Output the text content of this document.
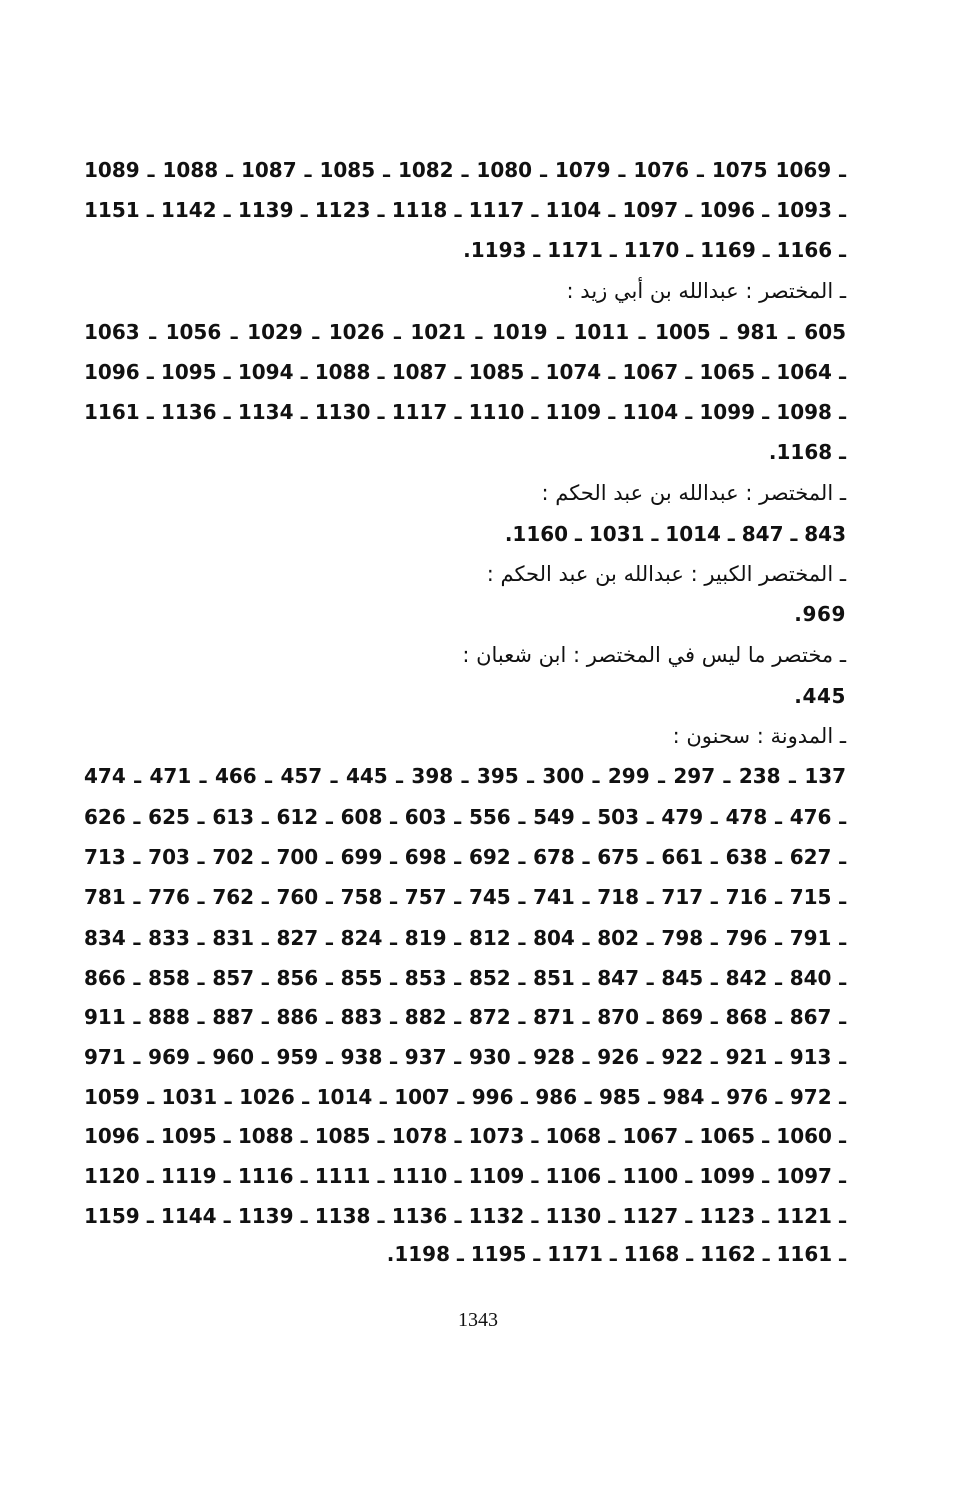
ـ 1069 1075 ـ 1076 ـ 1079 ـ 1080 ـ 1082 ـ 1085 ـ 1087 ـ 1088 ـ 1089
ـ 1093 ـ 1096 ـ 1097 ـ 1104 ـ 1117 ـ 1118 ـ 1123 ـ 1139 ـ 1142 ـ 1151
ـ 1166 ـ 1169 ـ 1170 ـ 1171 ـ 1193.
ـ المختصر : عبدالله بن أبي زيد :
605 ـ 981 ـ 1005 ـ 1011 ـ 1019 ـ 1021 ـ 1026 ـ 1029 ـ 1056 ـ 1063
ـ 1064 ـ 1065 ـ 1067 ـ 1074 ـ 1085 ـ 1087 ـ 1088 ـ 1094 ـ 1095 ـ 1096
ـ 1098 ـ 1099 ـ 1104 ـ 1109 ـ 1110 ـ 1117 ـ 1130 ـ 1134 ـ 1136 ـ 1161
ـ 1168.
ـ المختصر : عبدالله بن عبد الحكم :
843 ـ 847 ـ 1014 ـ 1031 ـ 1160.
ـ المختصر الكبير : عبدالله بن عبد الحكم :
969.
ـ مختصر ما ليس في المختصر : ابن شعبان :
445.
ـ المدونة : سحنون :
137 ـ 238 ـ 297 ـ 299 ـ 300 ـ 395 ـ 398 ـ 445 ـ 457 ـ 466 ـ 471 ـ 474
ـ 476 ـ 478 ـ 479 ـ 503 ـ 549 ـ 556 ـ 603 ـ 608 ـ 612 ـ 613 ـ 625 ـ 626
ـ 627 ـ 638 ـ 661 ـ 675 ـ 678 ـ 692 ـ 698 ـ 699 ـ 700 ـ 702 ـ 703 ـ 713
ـ 715 ـ 716 ـ 717 ـ 718 ـ 741 ـ 745 ـ 757 ـ 758 ـ 760 ـ 762 ـ 776 ـ 781
ـ 791 ـ 796 ـ 798 ـ 802 ـ 804 ـ 812 ـ 819 ـ 824 ـ 827 ـ 831 ـ 833 ـ 834
ـ 840 ـ 842 ـ 845 ـ 847 ـ 851 ـ 852 ـ 853 ـ 855 ـ 856 ـ 857 ـ 858 ـ 866
ـ 867 ـ 868 ـ 869 ـ 870 ـ 871 ـ 872 ـ 882 ـ 883 ـ 886 ـ 887 ـ 888 ـ 911
ـ 913 ـ 921 ـ 922 ـ 926 ـ 928 ـ 930 ـ 937 ـ 938 ـ 959 ـ 960 ـ 969 ـ 971
ـ 972 ـ 976 ـ 984 ـ 985 ـ 986 ـ 996 ـ 1007 ـ 1014 ـ 1026 ـ 1031 ـ 1059
ـ 1060 ـ 1065 ـ 1067 ـ 1068 ـ 1073 ـ 1078 ـ 1085 ـ 1088 ـ 1095 ـ 1096
ـ 1097 ـ 1099 ـ 1100 ـ 1106 ـ 1109 ـ 1110 ـ 1111 ـ 1116 ـ 1119 ـ 1120
ـ 1121 ـ 1123 ـ 1127 ـ 1130 ـ 1132 ـ 1136 ـ 1138 ـ 1139 ـ 1144 ـ 1159
ـ 1161 ـ 1162 ـ 1168 ـ 1171 ـ 1195 ـ 1198.
1343
